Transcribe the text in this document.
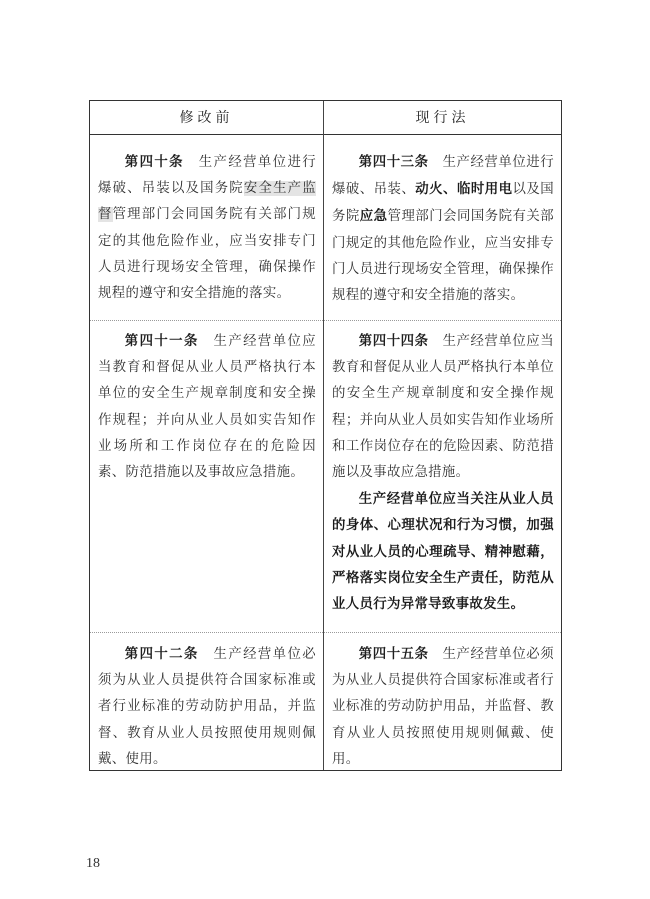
修改前	现行法

第四十条　 生产经营单位进行爆破、吊装以及国务院安全生产监督管理部门会同国务院有关部门规定的其他危险作业，应当安排专门人员进行现场安全管理，确保操作规程的遵守和安全措施的落实。

第四十三条　 生产经营单位进行爆破、吊装、动火、临时用电以及国务院应急管理部门会同国务院有关部门规定的其他危险作业，应当安排专门人员进行现场安全管理，确保操作规程的遵守和安全措施的落实。

第四十一条　 生产经营单位应当教育和督促从业人员严格执行本单位的安全生产规章制度和安全操作规程；并向从业人员如实告知作业场所和工作岗位存在的危险因素、防范措施以及事故应急措施。

第四十四条　 生产经营单位应当教育和督促从业人员严格执行本单位的安全生产规章制度和安全操作规程；并向从业人员如实告知作业场所和工作岗位存在的危险因素、防范措施以及事故应急措施。

生产经营单位应当关注从业人员的身体、心理状况和行为习惯，加强对从业人员的心理疏导、精神慰藉，严格落实岗位安全生产责任，防范从业人员行为异常导致事故发生。

第四十二条　 生产经营单位必须为从业人员提供符合国家标准或者行业标准的劳动防护用品，并监督、教育从业人员按照使用规则佩戴、使用。

第四十五条　 生产经营单位必须为从业人员提供符合国家标准或者行业标准的劳动防护用品，并监督、教育从业人员按照使用规则佩戴、使用。

18
